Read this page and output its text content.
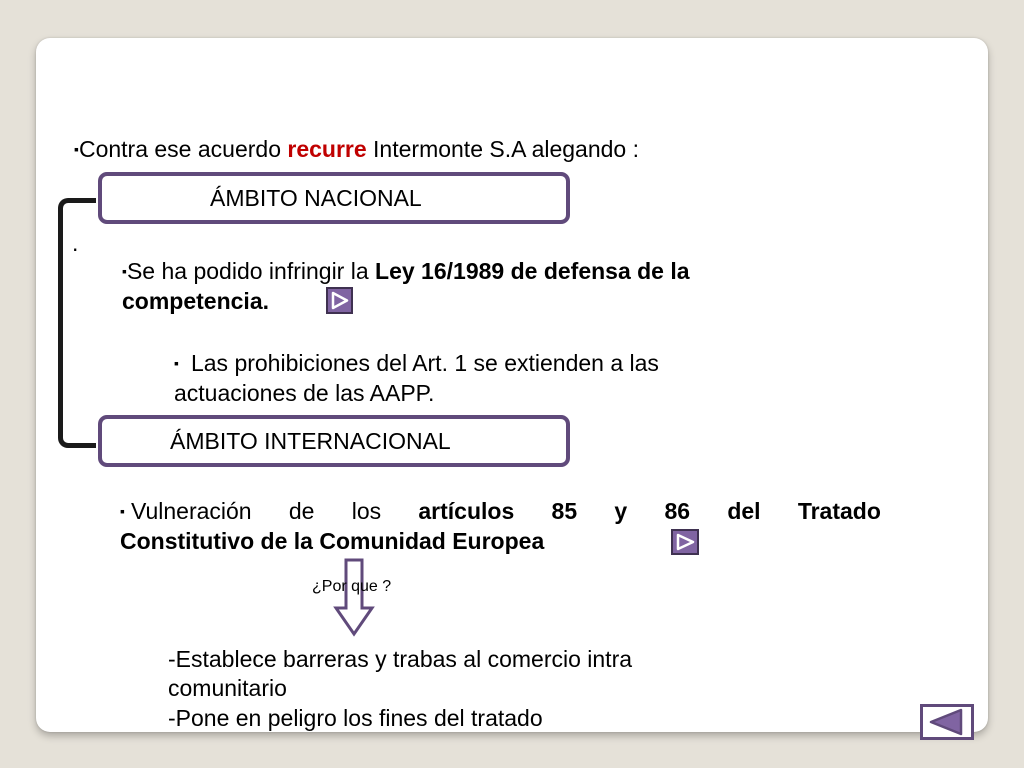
▪Contra ese acuerdo recurre Intermonte S.A alegando :
ÁMBITO NACIONAL
.
▪Se ha podido infringir la Ley 16/1989 de defensa de la
competencia.
▪ Las prohibiciones del Art. 1 se extienden a las
actuaciones de las AAPP.
ÁMBITO INTERNACIONAL
▪ Vulneración de los artículos 85 y 86 del Tratado
Constitutivo de la Comunidad Europea
¿Por que ?
-Establece barreras y trabas al comercio intra
comunitario
-Pone en peligro los fines del tratado
